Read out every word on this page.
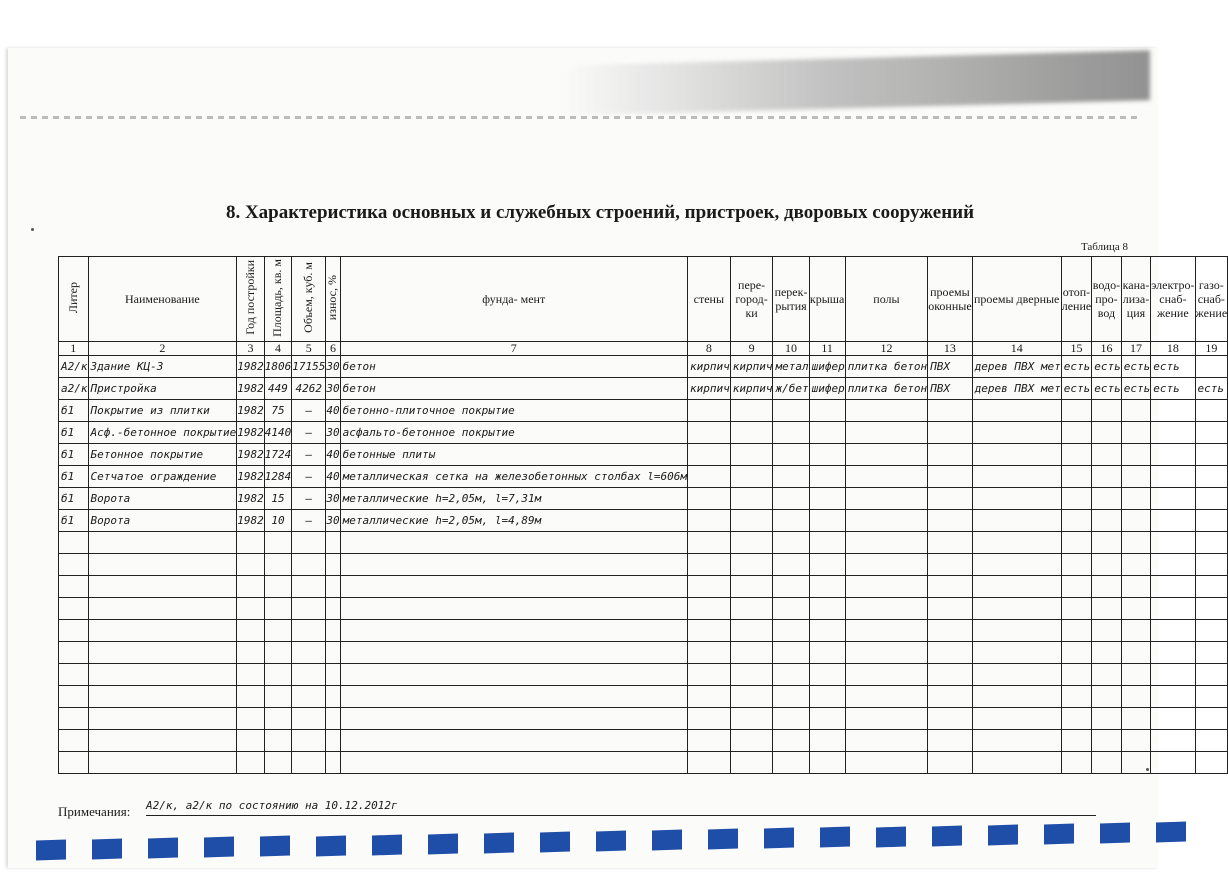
8. Характеристика основных и служебных строений, пристроек, дворовых сооружений
Таблица 8
Литер	Наименование	Год постройки	Площадь, кв. м	Объем, куб. м	износ, %	фунда- мент	стены	пере- город- ки	перек- рытия	крыша	полы	проемы оконные	проемы дверные	отоп- ление	водо- про- вод	кана- лиза- ция	электро- снаб- жение	газо- снаб- жение
1	2	3	4	5	6	7	8	9	10	11	12	13	14	15	16	17	18	19
А2/к	Здание КЦ-3	1982	1806	17155	30	бетон	кирпич	кирпич	метал	шифер	плитка бетон	ПВХ	дерев ПВХ мет	есть	есть	есть	есть	
а2/к	Пристройка	1982	449	4262	30	бетон	кирпич	кирпич	ж/бет	шифер	плитка бетон	ПВХ	дерев ПВХ мет	есть	есть	есть	есть	есть
б1	Покрытие из плитки	1982	75	–	40	бетонно-плиточное покрытие												
б1	Асф.-бетонное покрытие	1982	4140	–	30	асфальто-бетонное покрытие												
б1	Бетонное покрытие	1982	1724	–	40	бетонные плиты												
б1	Сетчатое ограждение	1982	1284	–	40	металлическая сетка на железобетонных столбах l=606м												
б1	Ворота	1982	15	–	30	металлические h=2,05м, l=7,31м												
б1	Ворота	1982	10	–	30	металлические h=2,05м, l=4,89м												

Примечания: А2/к, а2/к по состоянию на 10.12.2012г
